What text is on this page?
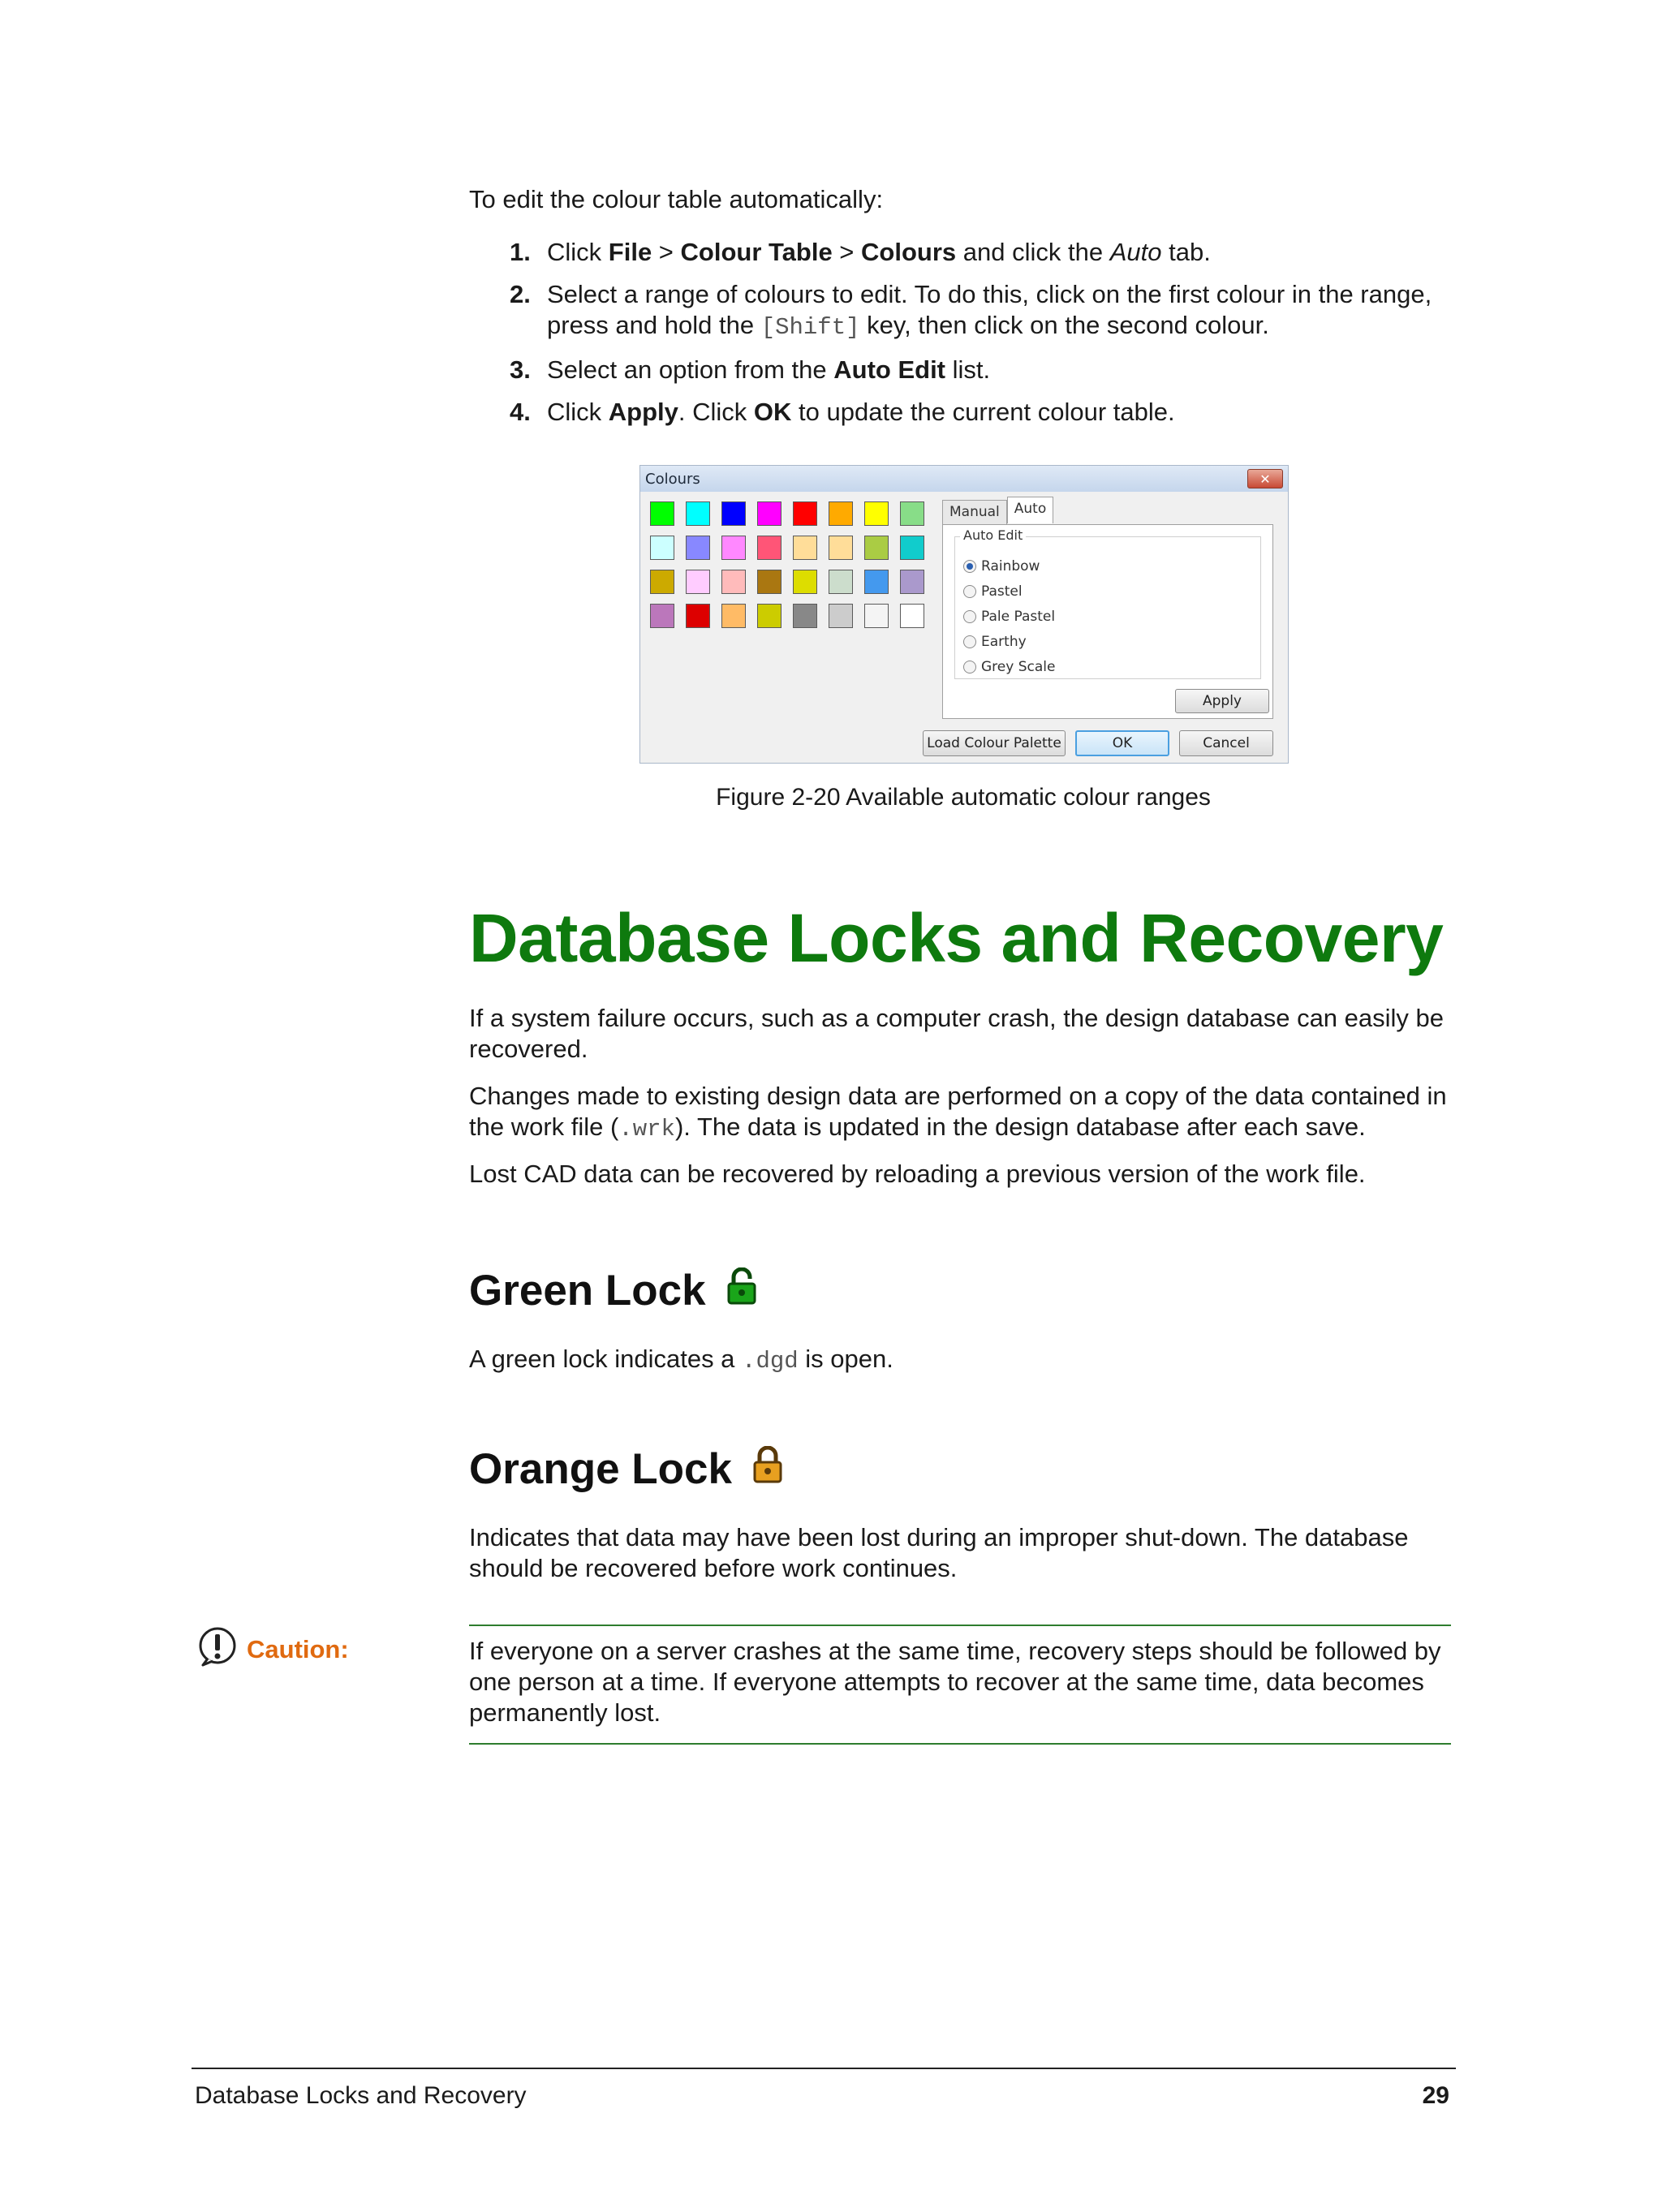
To edit the colour table automatically:

1. Click File > Colour Table > Colours and click the Auto tab.
2. Select a range of colours to edit. To do this, click on the first colour in the range, press and hold the [Shift] key, then click on the second colour.
3. Select an option from the Auto Edit list.
4. Click Apply. Click OK to update the current colour table.
Colours	✕
Manual	Auto
Auto Edit
Rainbow
Pastel
Pale Pastel
Earthy
Grey Scale
Apply
Load Colour Palette	OK	Cancel
Figure 2-20 Available automatic colour ranges
Database Locks and Recovery

If a system failure occurs, such as a computer crash, the design database can easily be recovered.

Changes made to existing design data are performed on a copy of the data contained in the work file (.wrk). The data is updated in the design database after each save.

Lost CAD data can be recovered by reloading a previous version of the work file.

Green Lock

A green lock indicates a .dgd is open.

Orange Lock

Indicates that data may have been lost during an improper shut-down. The database should be recovered before work continues.

Caution:	If everyone on a server crashes at the same time, recovery steps should be followed by one person at a time. If everyone attempts to recover at the same time, data becomes permanently lost.

Database Locks and Recovery	29
